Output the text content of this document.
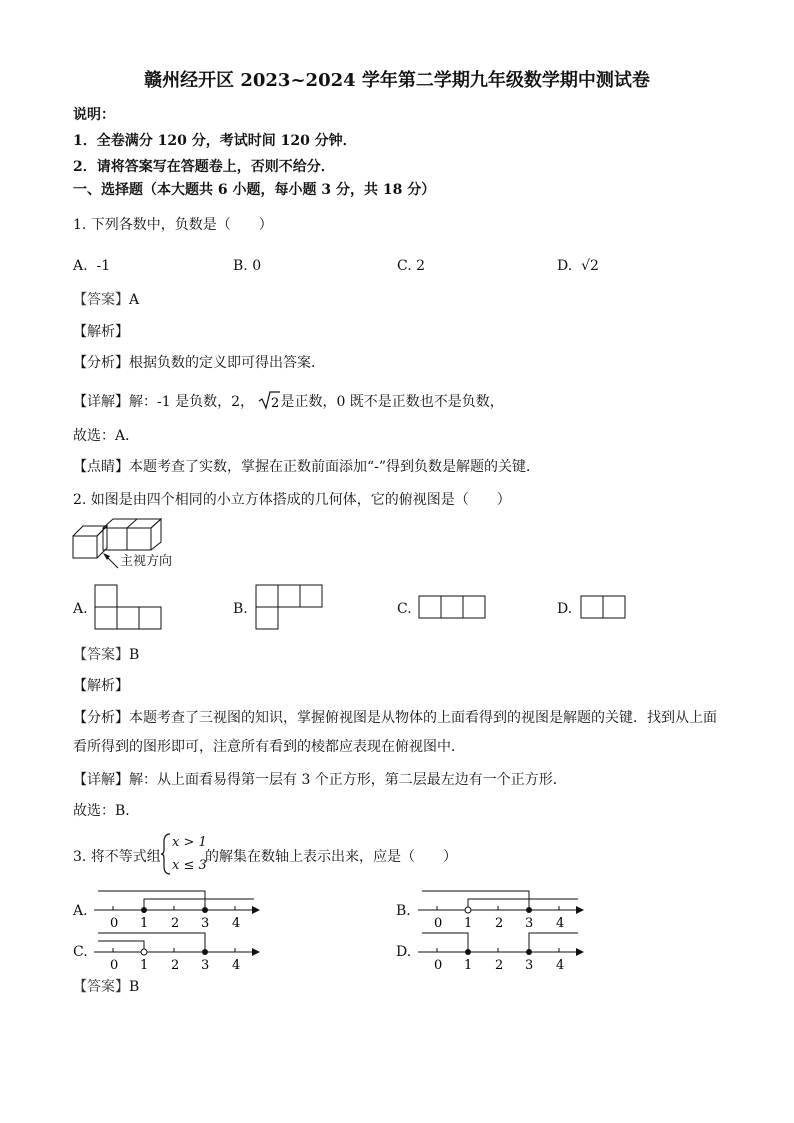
赣州经开区 2023~2024 学年第二学期九年级数学期中测试卷
说明：
1．全卷满分 120 分，考试时间 120 分钟．
2．请将答案写在答题卷上，否则不给分．
一、选择题（本大题共 6 小题，每小题 3 分，共 18 分）
1. 下列各数中，负数是（　　）
A. -1	B. 0	C. 2	D. √2
【答案】A
【解析】
【分析】根据负数的定义即可得出答案．
【详解】解：-1 是负数，2， 2 是正数，0 既不是正数也不是负数，
故选：A．
【点睛】本题考查了实数，掌握在正数前面添加“-”得到负数是解题的关键．
2. 如图是由四个相同的小立方体搭成的几何体，它的俯视图是（　　）
主视方向
A.	B.	C.	D.
【答案】B
【解析】
【分析】本题考查了三视图的知识，掌握俯视图是从物体的上面看得到的视图是解题的关键．找到从上面
看所得到的图形即可，注意所有看到的棱都应表现在俯视图中．
【详解】解：从上面看易得第一层有 3 个正方形，第二层最左边有一个正方形．
故选：B．
3. 将不等式组
x > 1
x ≤ 3
的解集在数轴上表示出来，应是（　　）
A.
0 1 2 3 4
B.
0 1 2 3 4
C.
0 1 2 3 4
D.
0 1 2 3 4
【答案】B
